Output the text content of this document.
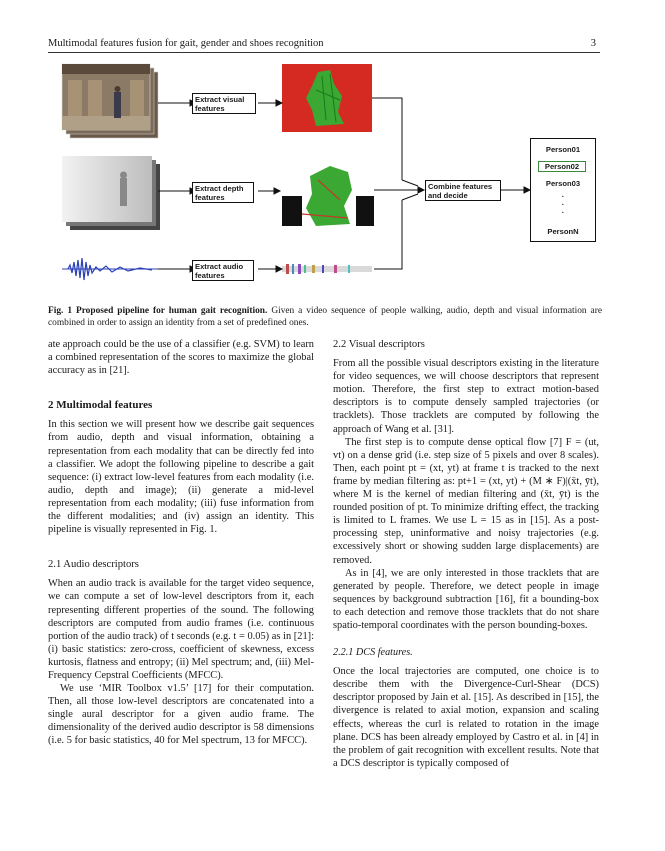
Multimodal features fusion for gait, gender and shoes recognition	3
Extract visual features
Extract depth features
Extract audio features
Combine features and decide
Person01
Person02
Person03
·
·
·
PersonN
Fig. 1 Proposed pipeline for human gait recognition. Given a video sequence of people walking, audio, depth and visual information are combined in order to assign an identity from a set of predefined ones.

ate approach could be the use of a classifier (e.g. SVM) to learn a combined representation of the scores to maximize the global accuracy as in [21].

2 Multimodal features

In this section we will present how we describe gait sequences from audio, depth and visual information, obtaining a representation from each modality that can be directly fed into a classifier. We adopt the following pipeline to describe a gait sequence: (i) extract low-level features from each modality (i.e. audio, depth and image); (ii) generate a mid-level representation from each modality; (iii) fuse information from the different modalities; and (iv) assign an identity. This pipeline is visually represented in Fig. 1.

2.1 Audio descriptors

When an audio track is available for the target video sequence, we can compute a set of low-level descriptors from it, each representing different properties of the sound. The following descriptors are computed from audio frames (i.e. continuous portion of the audio track) of t seconds (e.g. t = 0.05) as in [21]: (i) basic statistics: zero-cross, coefficient of skewness, excess kurtosis, flatness and entropy; (ii) Mel spectrum; and, (iii) Mel-Frequency Cepstral Coefficients (MFCC).

We use ‘MIR Toolbox v1.5’ [17] for their computation. Then, all those low-level descriptors are concatenated into a single aural descriptor for a given audio frame. The dimensionality of the derived audio descriptor is 58 dimensions (i.e. 5 for basic statistics, 40 for Mel spectrum, 13 for MFCC).

2.2 Visual descriptors

From all the possible visual descriptors existing in the literature for video sequences, we will choose descriptors that represent motion. Therefore, the first step to extract motion-based descriptors is to compute densely sampled trajectories (or tracklets). Those tracklets are computed by following the approach of Wang et al. [31].

The first step is to compute dense optical flow [7] F = (ut, vt) on a dense grid (i.e. step size of 5 pixels and over 8 scales). Then, each point pt = (xt, yt) at frame t is tracked to the next frame by median filtering as: pt+1 = (xt, yt) + (M ∗ F)|(x̄t, ȳt), where M is the kernel of median filtering and (x̄t, ȳt) is the rounded position of pt. To minimize drifting effect, the tracking is limited to L frames. We use L = 15 as in [15]. As a post-processing step, uninformative and noisy trajectories (e.g. excessively short or showing sudden large displacements) are removed.

As in [4], we are only interested in those tracklets that are generated by people. Therefore, we detect people in image sequences by background subtraction [16], fit a bounding-box to each detection and remove those tracklets that do not share spatio-temporal coordinates with the person bounding-boxes.

2.2.1 DCS features.

Once the local trajectories are computed, one choice is to describe them with the Divergence-Curl-Shear (DCS) descriptor proposed by Jain et al. [15]. As described in [15], the divergence is related to axial motion, expansion and scaling effects, whereas the curl is related to rotation in the image plane. DCS has been already employed by Castro et al. in [4] in the problem of gait recognition with excellent results. Note that a DCS descriptor is typically composed of
